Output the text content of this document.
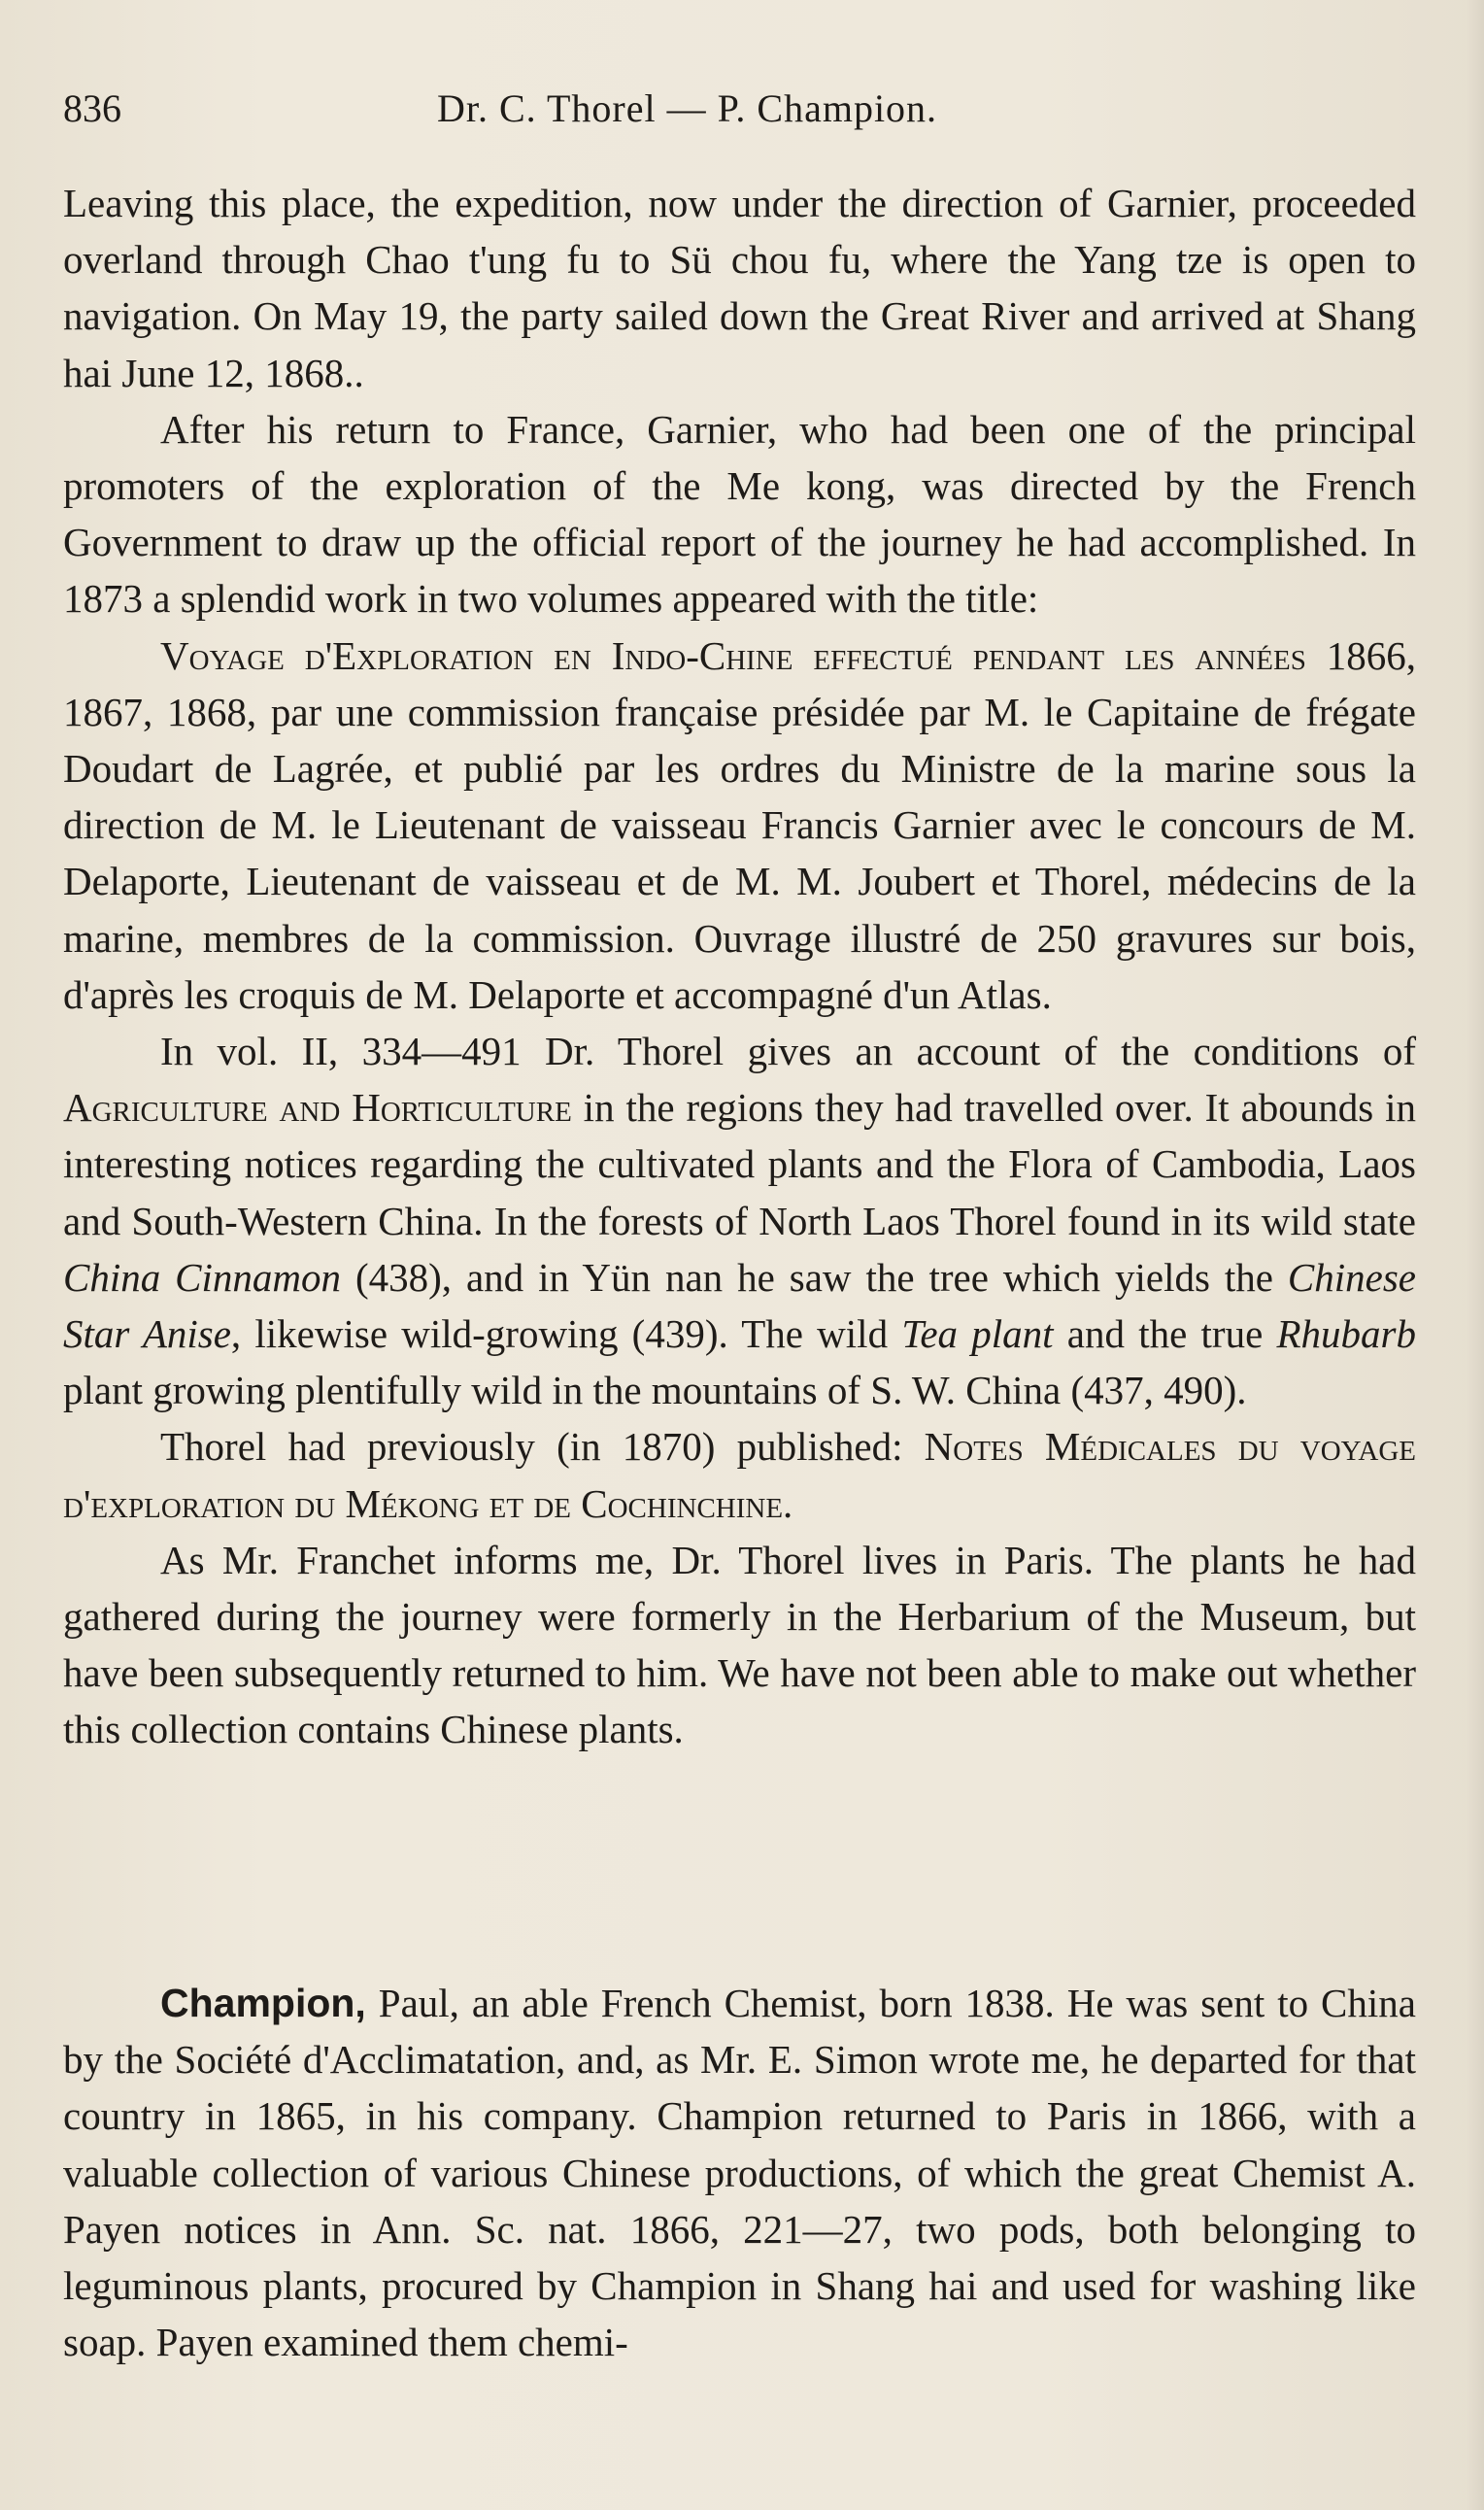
836	Dr. C. Thorel — P. Champion.

Leaving this place, the expedition, now under the direction of Garnier, proceeded overland through Chao t'ung fu to Sü chou fu, where the Yang tze is open to navigation. On May 19, the party sailed down the Great River and arrived at Shang hai June 12, 1868..

After his return to France, Garnier, who had been one of the principal promoters of the exploration of the Me kong, was directed by the French Government to draw up the official report of the journey he had accomplished. In 1873 a splendid work in two volumes appeared with the title:

Voyage d'Exploration en Indo-Chine effectué pendant les années 1866, 1867, 1868, par une commission française présidée par M. le Capitaine de frégate Doudart de Lagrée, et publié par les ordres du Ministre de la marine sous la direction de M. le Lieutenant de vaisseau Francis Garnier avec le concours de M. Delaporte, Lieutenant de vaisseau et de M. M. Joubert et Thorel, médecins de la marine, membres de la commission. Ouvrage illustré de 250 gravures sur bois, d'après les croquis de M. Delaporte et accompagné d'un Atlas.

In vol. II, 334—491 Dr. Thorel gives an account of the conditions of Agriculture and Horticulture in the regions they had travelled over. It abounds in interesting notices regarding the cultivated plants and the Flora of Cambodia, Laos and South-Western China. In the forests of North Laos Thorel found in its wild state China Cinnamon (438), and in Yün nan he saw the tree which yields the Chinese Star Anise, likewise wild-growing (439). The wild Tea plant and the true Rhubarb plant growing plentifully wild in the mountains of S. W. China (437, 490).

Thorel had previously (in 1870) published: Notes Médicales du voyage d'exploration du Mékong et de Cochinchine.

As Mr. Franchet informs me, Dr. Thorel lives in Paris. The plants he had gathered during the journey were formerly in the Herbarium of the Museum, but have been subsequently returned to him. We have not been able to make out whether this collection contains Chinese plants.

Champion, Paul, an able French Chemist, born 1838. He was sent to China by the Société d'Acclimatation, and, as Mr. E. Simon wrote me, he departed for that country in 1865, in his company. Champion returned to Paris in 1866, with a valuable collection of various Chinese productions, of which the great Chemist A. Payen notices in Ann. Sc. nat. 1866, 221—27, two pods, both belonging to leguminous plants, procured by Champion in Shang hai and used for washing like soap. Payen examined them chemi-
